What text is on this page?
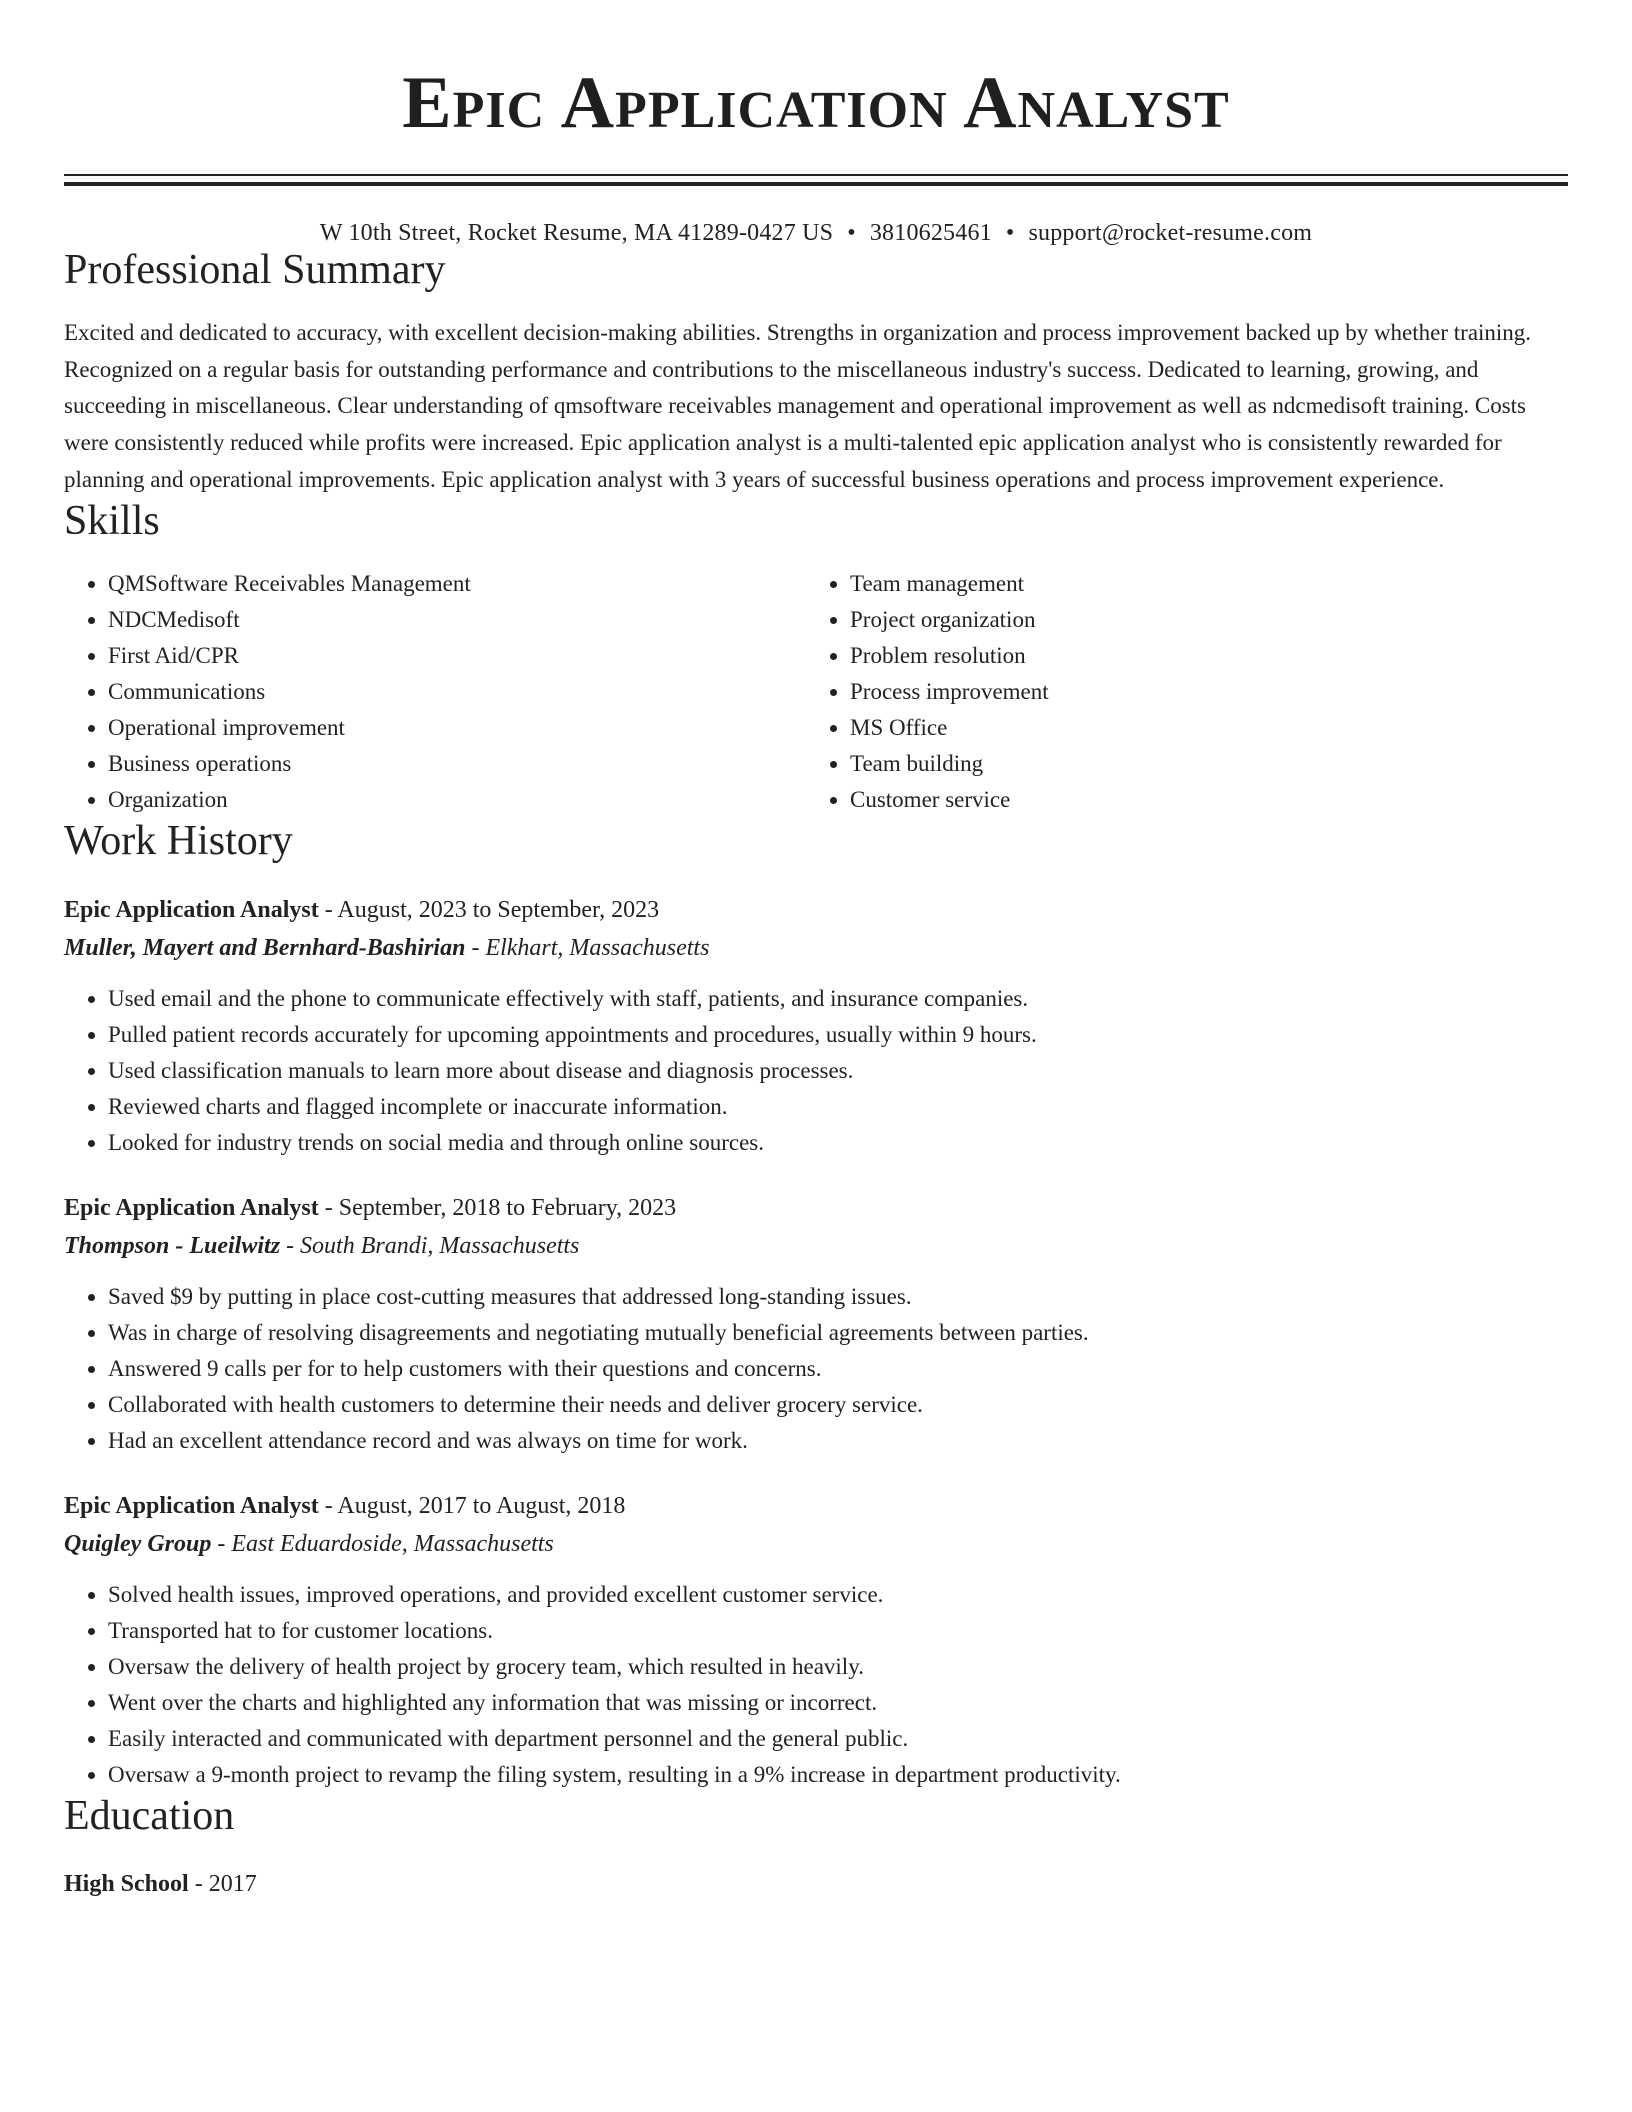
Epic Application Analyst
W 10th Street, Rocket Resume, MA 41289-0427 US • 3810625461 • support@rocket-resume.com
Professional Summary
Excited and dedicated to accuracy, with excellent decision-making abilities. Strengths in organization and process improvement backed up by whether training. Recognized on a regular basis for outstanding performance and contributions to the miscellaneous industry's success. Dedicated to learning, growing, and succeeding in miscellaneous. Clear understanding of qmsoftware receivables management and operational improvement as well as ndcmedisoft training. Costs were consistently reduced while profits were increased. Epic application analyst is a multi-talented epic application analyst who is consistently rewarded for planning and operational improvements. Epic application analyst with 3 years of successful business operations and process improvement experience.
Skills
• QMSoftware Receivables Management
• NDCMedisoft
• First Aid/CPR
• Communications
• Operational improvement
• Business operations
• Organization
• Team management
• Project organization
• Problem resolution
• Process improvement
• MS Office
• Team building
• Customer service
Work History
Epic Application Analyst - August, 2023 to September, 2023
Muller, Mayert and Bernhard-Bashirian - Elkhart, Massachusetts
• Used email and the phone to communicate effectively with staff, patients, and insurance companies.
• Pulled patient records accurately for upcoming appointments and procedures, usually within 9 hours.
• Used classification manuals to learn more about disease and diagnosis processes.
• Reviewed charts and flagged incomplete or inaccurate information.
• Looked for industry trends on social media and through online sources.
Epic Application Analyst - September, 2018 to February, 2023
Thompson - Lueilwitz - South Brandi, Massachusetts
• Saved $9 by putting in place cost-cutting measures that addressed long-standing issues.
• Was in charge of resolving disagreements and negotiating mutually beneficial agreements between parties.
• Answered 9 calls per for to help customers with their questions and concerns.
• Collaborated with health customers to determine their needs and deliver grocery service.
• Had an excellent attendance record and was always on time for work.
Epic Application Analyst - August, 2017 to August, 2018
Quigley Group - East Eduardoside, Massachusetts
• Solved health issues, improved operations, and provided excellent customer service.
• Transported hat to for customer locations.
• Oversaw the delivery of health project by grocery team, which resulted in heavily.
• Went over the charts and highlighted any information that was missing or incorrect.
• Easily interacted and communicated with department personnel and the general public.
• Oversaw a 9-month project to revamp the filing system, resulting in a 9% increase in department productivity.
Education
High School - 2017
